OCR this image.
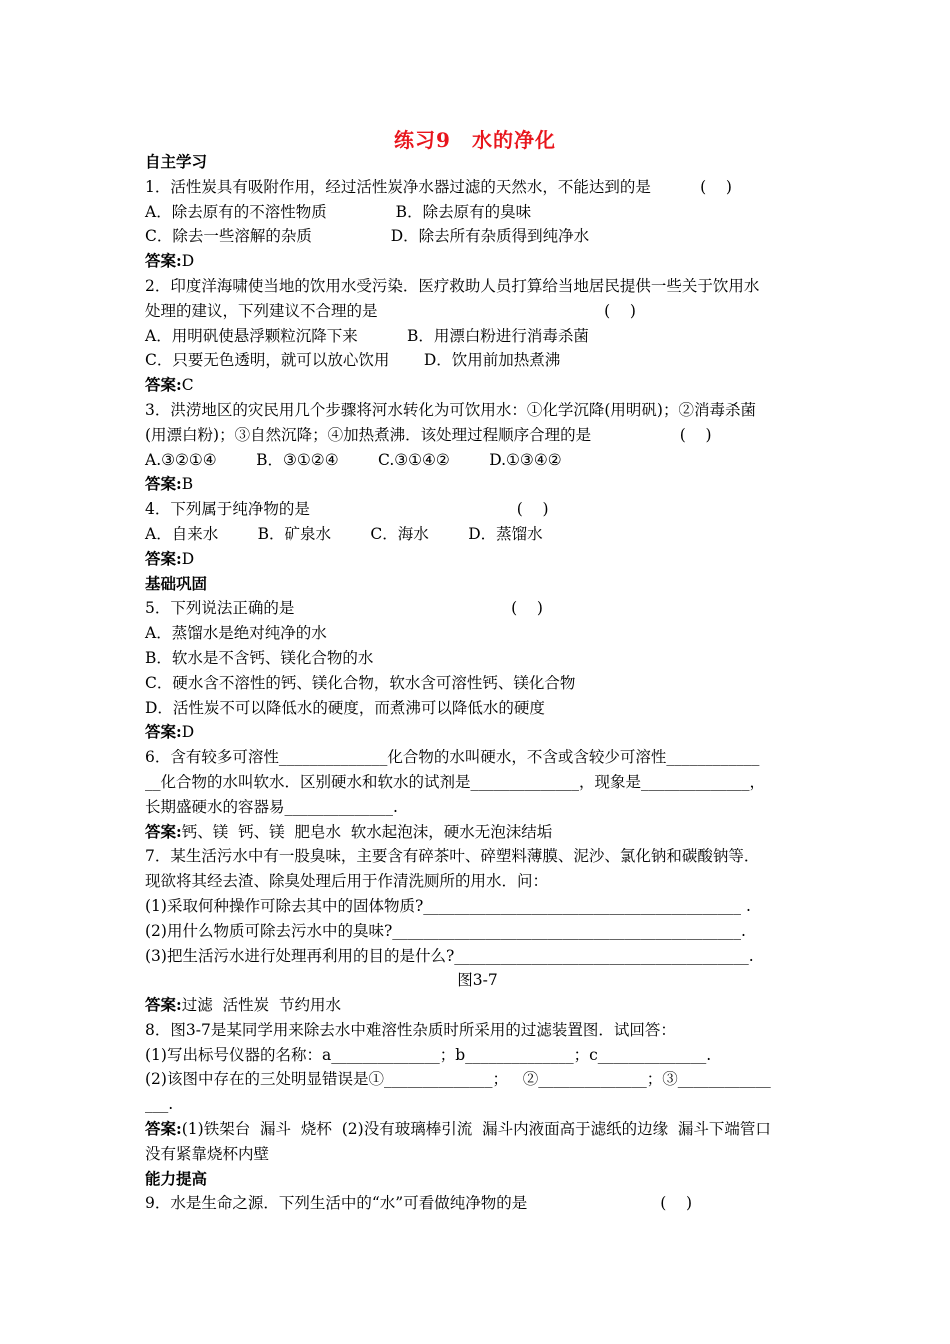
练习9　水的净化
自主学习
1．活性炭具有吸附作用，经过活性炭净水器过滤的天然水，不能达到的是          (    )
A．除去原有的不溶性物质              B．除去原有的臭味
C．除去一些溶解的杂质                D．除去所有杂质得到纯净水
答案:D
2．印度洋海啸使当地的饮用水受污染．医疗救助人员打算给当地居民提供一些关于饮用水
处理的建议，下列建议不合理的是                                              (    )
A．用明矾使悬浮颗粒沉降下来          B．用漂白粉进行消毒杀菌
C．只要无色透明，就可以放心饮用       D．饮用前加热煮沸
答案:C
3．洪涝地区的灾民用几个步骤将河水转化为可饮用水：①化学沉降(用明矾)；②消毒杀菌
(用漂白粉)；③自然沉降；④加热煮沸．该处理过程顺序合理的是                  (    )
A.③②①④        B．③①②④        C.③①④②        D.①③④②
答案:B
4．下列属于纯净物的是                                          (    )
A．自来水        B．矿泉水        C．海水        D．蒸馏水
答案:D
基础巩固
5．下列说法正确的是                                            (    )
A．蒸馏水是绝对纯净的水
B．软水是不含钙、镁化合物的水
C．硬水含不溶性的钙、镁化合物，软水含可溶性钙、镁化合物
D．活性炭不可以降低水的硬度，而煮沸可以降低水的硬度
答案:D
6．含有较多可溶性______________化合物的水叫硬水，不含或含较少可溶性____________
__化合物的水叫软水．区别硬水和软水的试剂是______________，现象是______________，
长期盛硬水的容器易______________.
答案:钙、镁  钙、镁  肥皂水  软水起泡沫，硬水无泡沫结垢
7．某生活污水中有一股臭味，主要含有碎茶叶、碎塑料薄膜、泥沙、氯化钠和碳酸钠等．
现欲将其经去渣、除臭处理后用于作清洗厕所的用水．问：
(1)采取何种操作可除去其中的固体物质?_________________________________________ .
(2)用什么物质可除去污水中的臭味?_____________________________________________.
(3)把生活污水进行处理再利用的目的是什么?______________________________________.
图3-7
答案:过滤  活性炭  节约用水
8．图3-7是某同学用来除去水中难溶性杂质时所采用的过滤装置图．试回答：
(1)写出标号仪器的名称：a______________；b______________；c______________.
(2)该图中存在的三处明显错误是①______________；   ②______________；③____________
___.
答案:(1)铁架台  漏斗  烧杯  (2)没有玻璃棒引流  漏斗内液面高于滤纸的边缘  漏斗下端管口
没有紧靠烧杯内壁
能力提高
9．水是生命之源．下列生活中的“水”可看做纯净物的是                           (    )
